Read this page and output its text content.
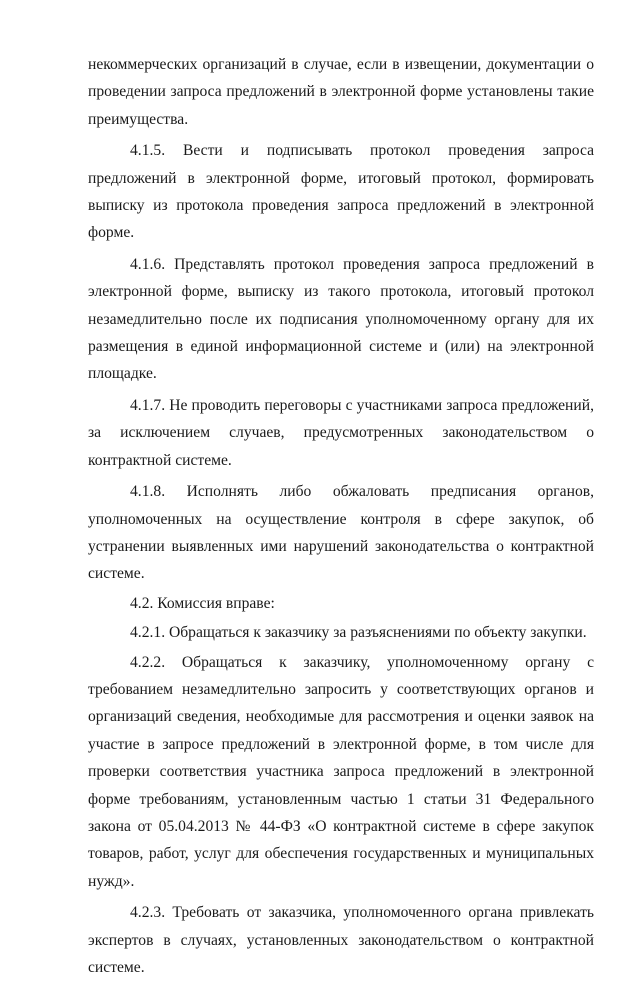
некоммерческих организаций в случае, если в извещении, документации о проведении запроса предложений в электронной форме установлены такие преимущества.

4.1.5. Вести и подписывать протокол проведения запроса предложений в электронной форме, итоговый протокол, формировать выписку из протокола проведения запроса предложений в электронной форме.

4.1.6. Представлять протокол проведения запроса предложений в электронной форме, выписку из такого протокола, итоговый протокол незамедлительно после их подписания уполномоченному органу для их размещения в единой информационной системе и (или) на электронной площадке.

4.1.7. Не проводить переговоры с участниками запроса предложений, за исключением случаев, предусмотренных законодательством о контрактной системе.

4.1.8. Исполнять либо обжаловать предписания органов, уполномоченных на осуществление контроля в сфере закупок, об устранении выявленных ими нарушений законодательства о контрактной системе.

4.2. Комиссия вправе:

4.2.1. Обращаться к заказчику за разъяснениями по объекту закупки.

4.2.2. Обращаться к заказчику, уполномоченному органу с требованием незамедлительно запросить у соответствующих органов и организаций сведения, необходимые для рассмотрения и оценки заявок на участие в запросе предложений в электронной форме, в том числе для проверки соответствия участника запроса предложений в электронной форме требованиям, установленным частью 1 статьи 31 Федерального закона от 05.04.2013 № 44-ФЗ «О контрактной системе в сфере закупок товаров, работ, услуг для обеспечения государственных и муниципальных нужд».

4.2.3. Требовать от заказчика, уполномоченного органа привлекать экспертов в случаях, установленных законодательством о контрактной системе.
